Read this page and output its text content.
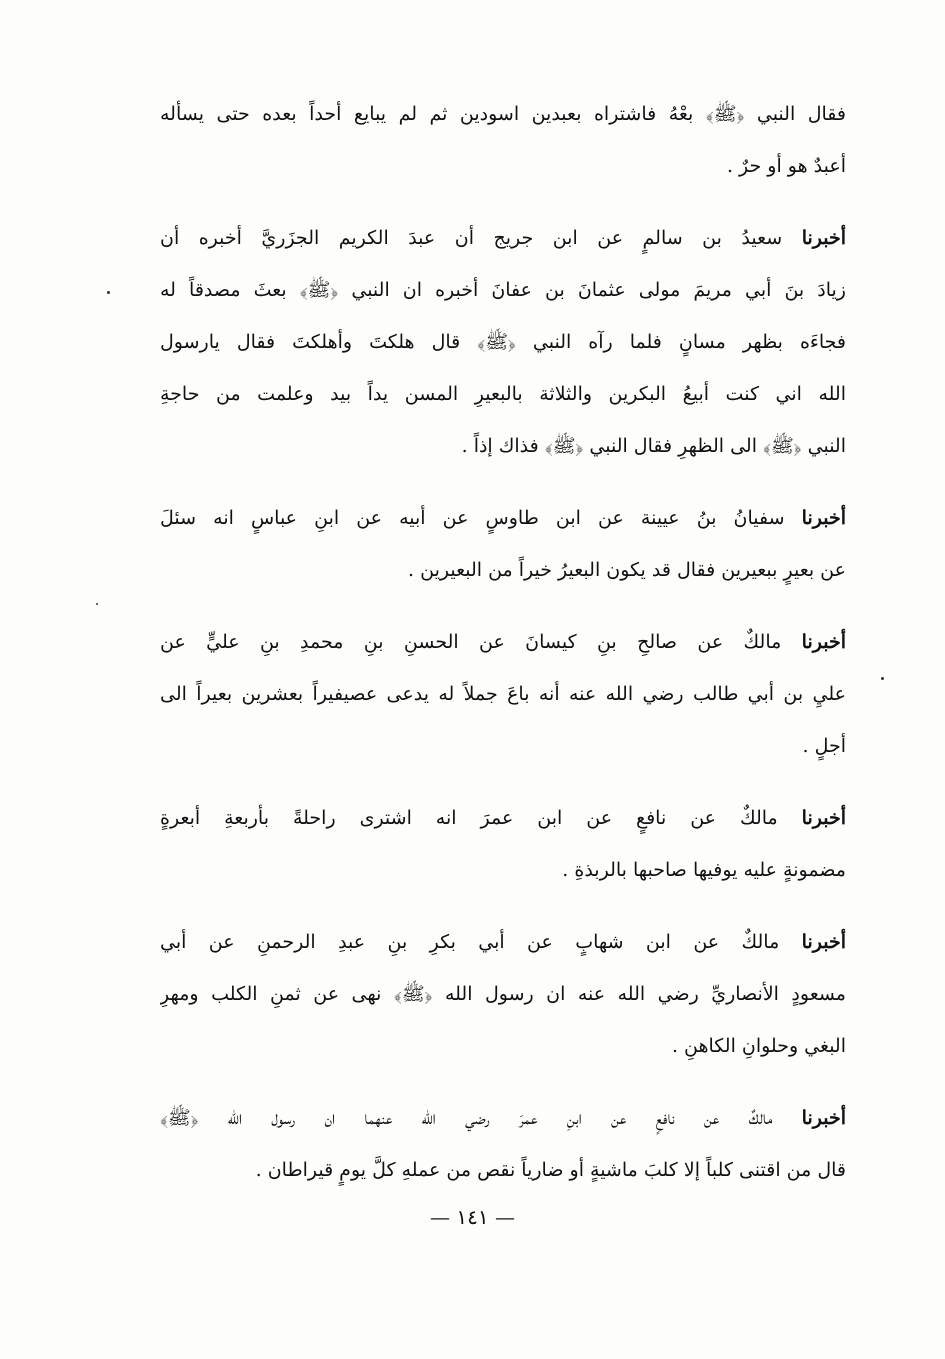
فقال النبي ﴿ﷺ﴾ بعْهُ فاشتراه بعبدين اسودين ثم لم يبايع أحداً بعده حتى يسأله
أعبدٌ هو أو حرٌ .
أخبرنا سعيدُ بن سالمٍ عن ابن جريج أن عبدَ الكريم الجزَريَّ أخبره أن
زيادَ بنَ أبي مريمَ مولى عثمانَ بن عفانَ أخبره ان النبي ﴿ﷺ﴾ بعثَ مصدقاً له
فجاءَه بظهر مسانٍ فلما رآه النبي ﴿ﷺ﴾ قال هلكتَ وأهلكتَ فقال يارسول
الله اني كنت أبيعُ البكرين والثلاثة بالبعيرِ المسن يداً بيد وعلمت من حاجةِ
النبي ﴿ﷺ﴾ الى الظهرِ فقال النبي ﴿ﷺ﴾ فذاك إذاً .
أخبرنا سفيانُ بنُ عيينة عن ابن طاوسٍ عن أبيه عن ابنِ عباسٍ انه سئلَ
عن بعيرٍ ببعيرين فقال قد يكون البعيرُ خيراً من البعيرين .
أخبرنا مالكٌ عن صالحِ بنِ كيسانَ عن الحسنِ بنِ محمدِ بنِ عليٍّ عن
عليِ بن أبي طالب رضي الله عنه أنه باعَ جملاً له يدعى عصيفيراً بعشرين بعيراً الى
أجلٍ .
أخبرنا مالكٌ عن نافعٍ عن ابن عمرَ انه اشترى راحلةً بأربعةِ أبعرةٍ
مضمونةٍ عليه يوفيها صاحبها بالربذةِ .
أخبرنا مالكٌ عن ابن شهابٍ عن أبي بكرِ بنِ عبدِ الرحمنِ عن أبي
مسعودٍ الأنصاريِّ رضي الله عنه ان رسول الله ﴿ﷺ﴾ نهى عن ثمنِ الكلب ومهرِ
البغي وحلوانِ الكاهنِ .
أخبرنا مالكٌ عن نافعٍ عن ابنِ عمرَ رضي الله عنهما ان رسول الله ﴿ﷺ﴾
قال من اقتنى كلباً إلا كلبَ ماشيةٍ أو ضارياً نقص من عملهِ كلَّ يومٍ قيراطان .
— ١٤١ —
